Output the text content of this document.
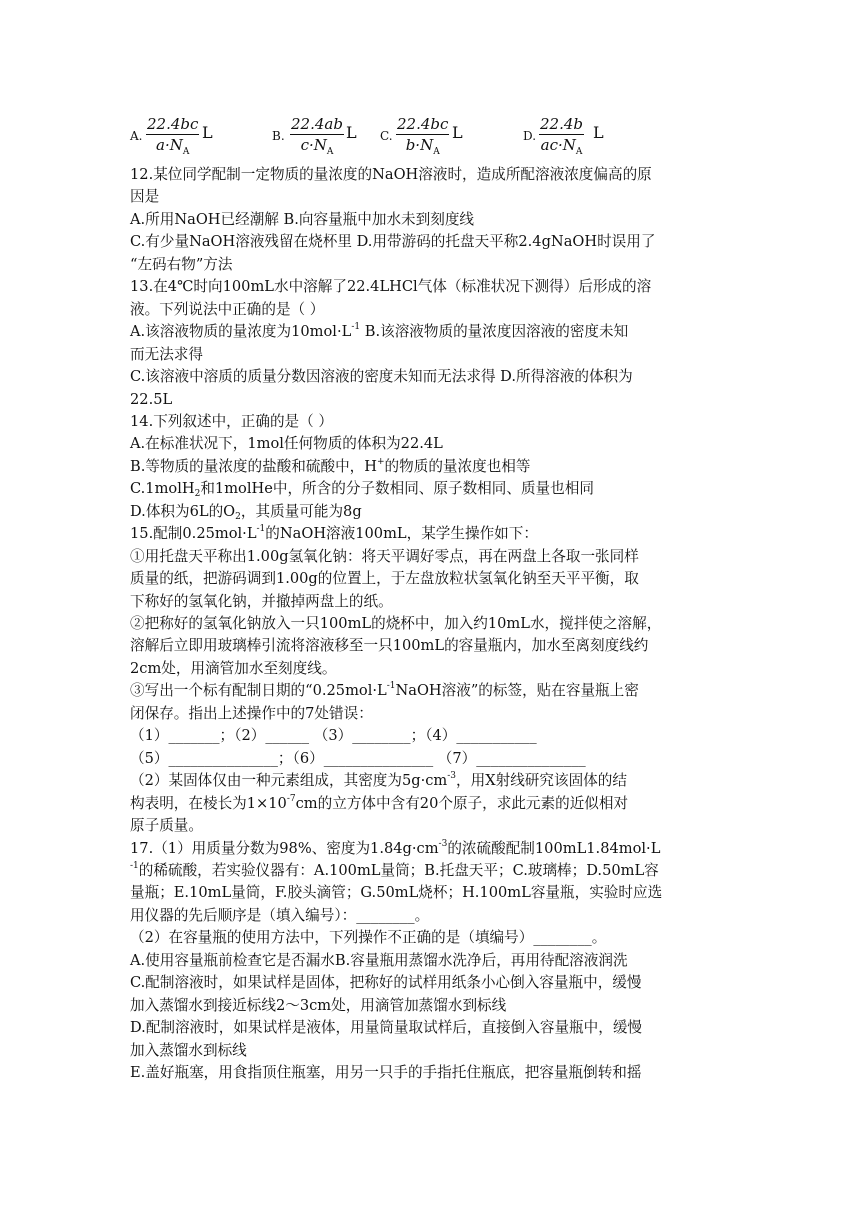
A.
22.4bc
$a\cdot N_A$
L	B.
22.4ab
$c\cdot N_A$
L C.
22.4bc
$b\cdot N_A$
L	D.
22.4b
$ac\cdot N_A$
L
12.某位同学配制一定物质的量浓度的NaOH溶液时，造成所配溶液浓度偏高的原
因是
A.所用NaOH已经潮解 B.向容量瓶中加水未到刻度线
C.有少量NaOH溶液残留在烧杯里 D.用带游码的托盘天平称2.4gNaOH时误用了
“左码右物”方法
13.在4℃时向100mL水中溶解了22.4LHCl气体（标准状况下测得）后形成的溶
液。下列说法中正确的是（ ）
A.该溶液物质的量浓度为$10mol\cdot L^{-1}$ B.该溶液物质的量浓度因溶液的密度未知
而无法求得
C.该溶液中溶质的质量分数因溶液的密度未知而无法求得 D.所得溶液的体积为
22.5L
14.下列叙述中，正确的是（ ）
A.在标准状况下，1mol任何物质的体积为22.4L
B.等物质的量浓度的盐酸和硫酸中，H+的物质的量浓度也相等
C.1molH$_2$和1molHe中，所含的分子数相同、原子数相同、质量也相同
D.体积为6L的$O_2$，其质量可能为8g
15.配制$0.25mol\cdot L^{-1}$的NaOH溶液100mL，某学生操作如下：
①用托盘天平称出1.00g氢氧化钠：将天平调好零点，再在两盘上各取一张同样
质量的纸，把游码调到1.00g的位置上，于左盘放粒状氢氧化钠至天平平衡，取
下称好的氢氧化钠，并撤掉两盘上的纸。
②把称好的氢氧化钠放入一只100mL的烧杯中，加入约10mL水，搅拌使之溶解，
溶解后立即用玻璃棒引流将溶液移至一只100mL的容量瓶内，加水至离刻度线约
2cm处，用滴管加水至刻度线。
③写出一个标有配制日期的“$0.25mol\cdot L^{-1}NaOH$溶液”的标签，贴在容量瓶上密
闭保存。指出上述操作中的7处错误：
（1）_______；（2）______ （3）________；（4）___________
（5）_______________；（6）_______________ （7）_______________
（2）某固体仅由一种元素组成，其密度为$5g\cdot cm^{-3}$，用X射线研究该固体的结
构表明，在棱长为$1\times 10^{-7}cm$的立方体中含有20个原子，求此元素的近似相对
原子质量。
17.（1）用质量分数为98%、密度为$1.84g\cdot cm^{-3}$的浓硫酸配制100mL1.84mol·L
$^{-1}$的稀硫酸，若实验仪器有：A.100mL量筒；B.托盘天平；C.玻璃棒；D.50mL容
量瓶；E.10mL量筒，F.胶头滴管；G.50mL烧杯；H.100mL容量瓶，实验时应选
用仪器的先后顺序是（填入编号）：________。
（2）在容量瓶的使用方法中，下列操作不正确的是（填编号）________。
A.使用容量瓶前检查它是否漏水B.容量瓶用蒸馏水洗净后，再用待配溶液润洗
C.配制溶液时，如果试样是固体，把称好的试样用纸条小心倒入容量瓶中，缓慢
加入蒸馏水到接近标线2～3cm处，用滴管加蒸馏水到标线
D.配制溶液时，如果试样是液体，用量筒量取试样后，直接倒入容量瓶中，缓慢
加入蒸馏水到标线
E.盖好瓶塞，用食指顶住瓶塞，用另一只手的手指托住瓶底，把容量瓶倒转和摇
